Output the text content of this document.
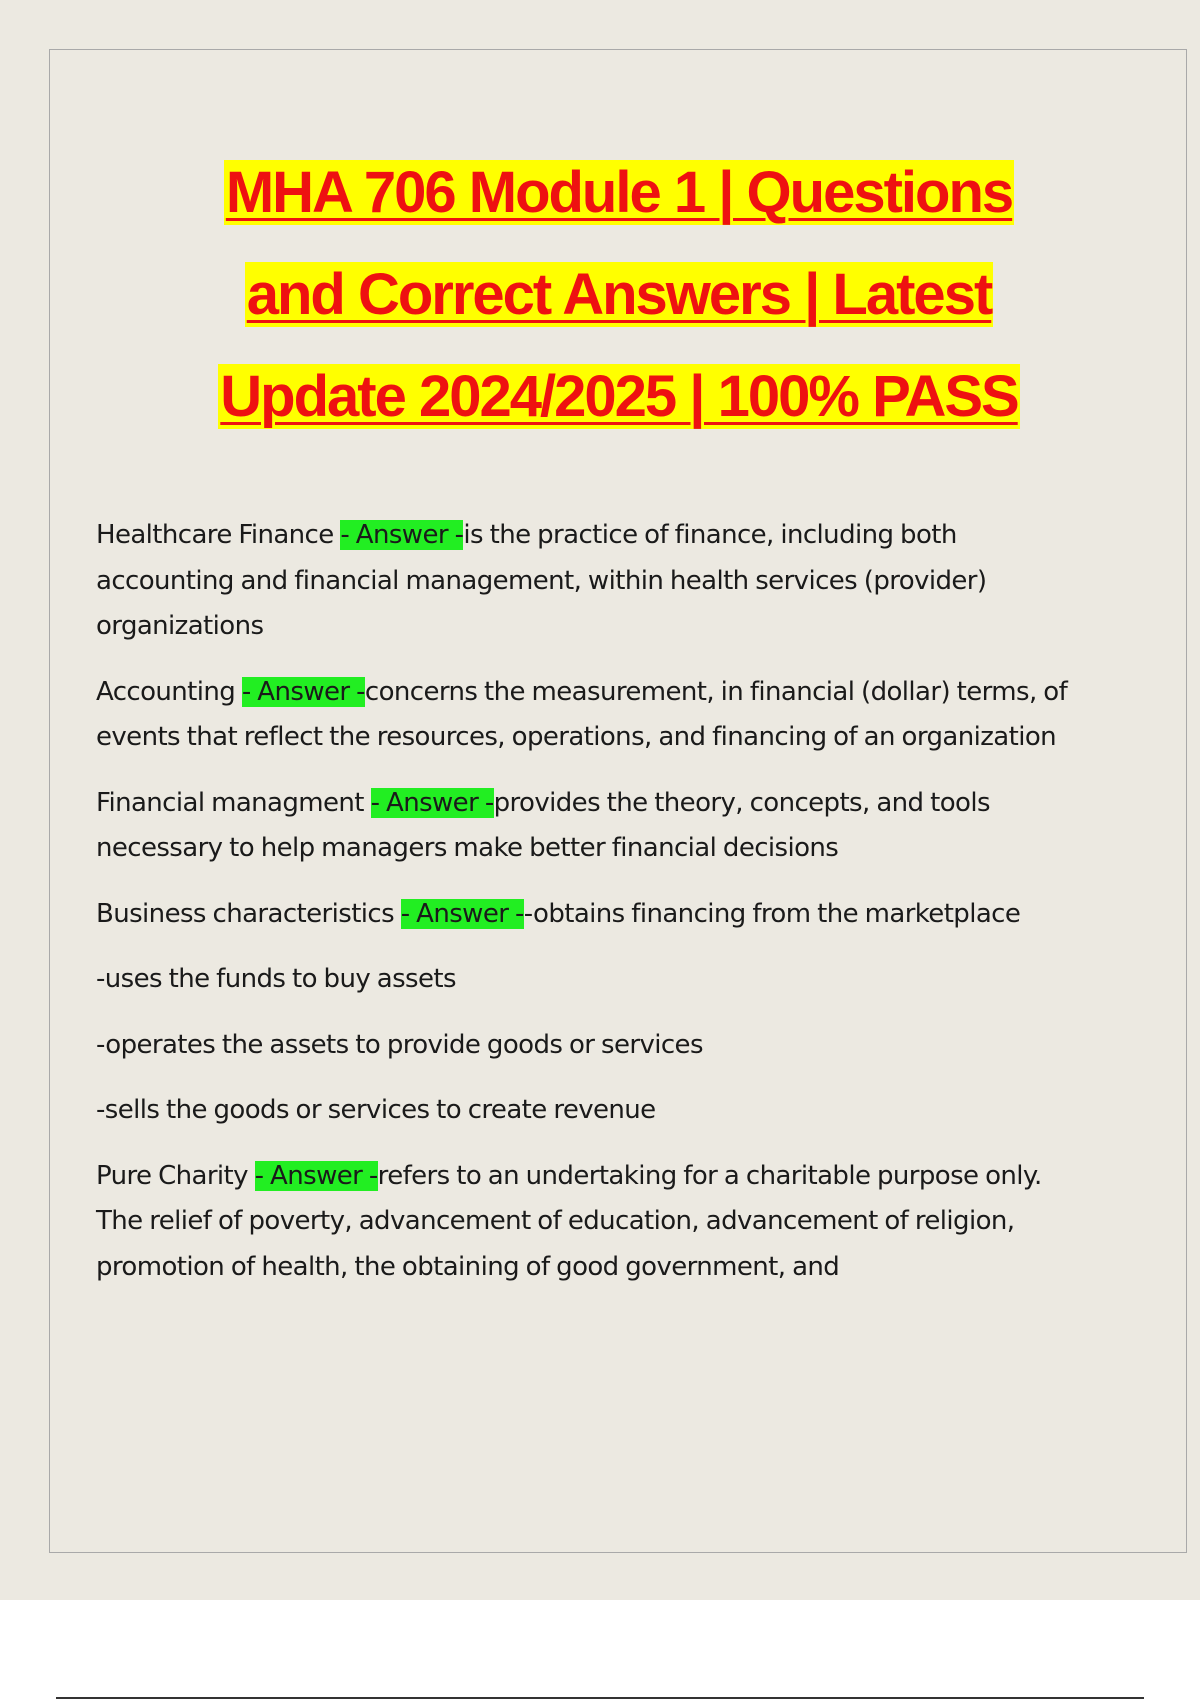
MHA 706 Module 1 | Questions
and Correct Answers | Latest
Update 2024/2025 | 100% PASS

Healthcare Finance - Answer -is the practice of finance, including both accounting and financial management, within health services (provider) organizations

Accounting - Answer -concerns the measurement, in financial (dollar) terms, of events that reflect the resources, operations, and financing of an organization

Financial managment - Answer -provides the theory, concepts, and tools necessary to help managers make better financial decisions

Business characteristics - Answer --obtains financing from the marketplace

-uses the funds to buy assets

-operates the assets to provide goods or services

-sells the goods or services to create revenue

Pure Charity - Answer -refers to an undertaking for a charitable purpose only. The relief of poverty, advancement of education, advancement of religion, promotion of health, the obtaining of good government, and
